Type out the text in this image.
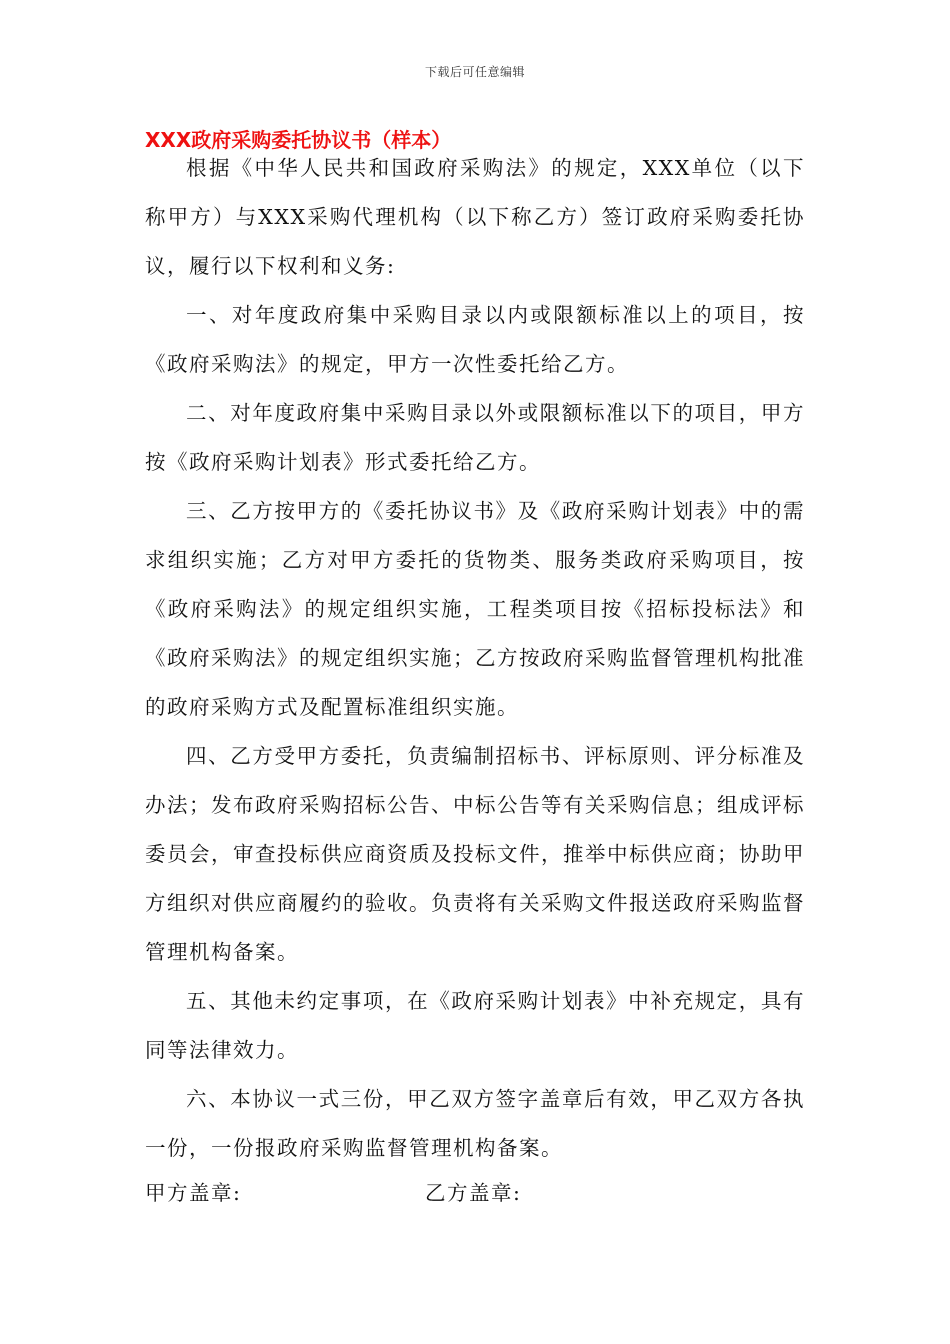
下载后可任意编辑
XXX政府采购委托协议书（样本）

根据《中华人民共和国政府采购法》的规定，XXX单位（以下称甲方）与XXX采购代理机构（以下称乙方）签订政府采购委托协议，履行以下权利和义务:

一、对年度政府集中采购目录以内或限额标准以上的项目，按《政府采购法》的规定，甲方一次性委托给乙方。

二、对年度政府集中采购目录以外或限额标准以下的项目，甲方按《政府采购计划表》形式委托给乙方。

三、乙方按甲方的《委托协议书》及《政府采购计划表》中的需求组织实施；乙方对甲方委托的货物类、服务类政府采购项目，按《政府采购法》的规定组织实施，工程类项目按《招标投标法》和《政府采购法》的规定组织实施；乙方按政府采购监督管理机构批准的政府采购方式及配置标准组织实施。

四、乙方受甲方委托，负责编制招标书、评标原则、评分标准及办法；发布政府采购招标公告、中标公告等有关采购信息；组成评标委员会，审查投标供应商资质及投标文件，推举中标供应商；协助甲方组织对供应商履约的验收。负责将有关采购文件报送政府采购监督管理机构备案。

五、其他未约定事项，在《政府采购计划表》中补充规定，具有同等法律效力。

六、本协议一式三份，甲乙双方签字盖章后有效，甲乙双方各执一份，一份报政府采购监督管理机构备案。

甲方盖章:	乙方盖章:
